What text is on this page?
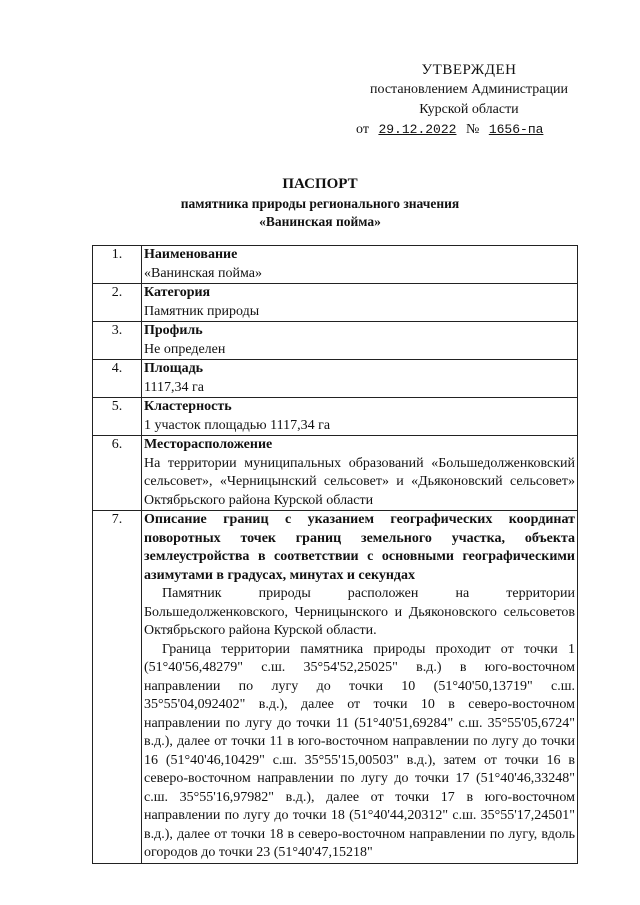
УТВЕРЖДЕН
постановлением Администрации
Курской области
от 29.12.2022 № 1656-па
ПАСПОРТ
памятника природы регионального значения
«Ванинская пойма»
1.	Наименование
«Ванинская пойма»

2.	Категория
Памятник природы

3.	Профиль
Не определен

4.	Площадь
1117,34 га

5.	Кластерность
1 участок площадью 1117,34 га

6.	Месторасположение
На территории муниципальных образований «Большедолженковский сельсовет», «Черницынский сельсовет» и «Дьяконовский сельсовет» Октябрьского района Курской области

7.	Описание границ с указанием географических координат поворотных точек границ земельного участка, объекта землеустройства в соответствии с основными географическими азимутами в градусах, минутах и секундах
Памятник природы расположен на территории Большедолженковского, Черницынского и Дьяконовского сельсоветов Октябрьского района Курской области.
Граница территории памятника природы проходит от точки 1 (51°40'56,48279" с.ш. 35°54'52,25025" в.д.) в юго-восточном направлении по лугу до точки 10 (51°40'50,13719" с.ш. 35°55'04,092402" в.д.), далее от точки 10 в северо-восточном направлении по лугу до точки 11 (51°40'51,69284" с.ш. 35°55'05,6724" в.д.), далее от точки 11 в юго-восточном направлении по лугу до точки 16 (51°40'46,10429" с.ш. 35°55'15,00503" в.д.), затем от точки 16 в северо-восточном направлении по лугу до точки 17 (51°40'46,33248" с.ш. 35°55'16,97982" в.д.), далее от точки 17 в юго-восточном направлении по лугу до точки 18 (51°40'44,20312" с.ш. 35°55'17,24501" в.д.), далее от точки 18 в северо-восточном направлении по лугу, вдоль огородов до точки 23 (51°40'47,15218"
